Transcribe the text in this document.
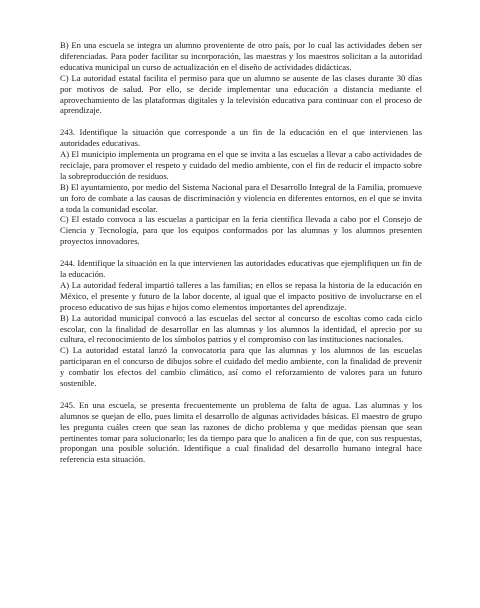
B) En una escuela se integra un alumno proveniente de otro país, por lo cual las actividades deben ser diferenciadas. Para poder facilitar su incorporación, las maestras y los maestros solicitan a la autoridad educativa municipal un curso de actualización en el diseño de actividades didácticas.

C) La autoridad estatal facilita el permiso para que un alumno se ausente de las clases durante 30 días por motivos de salud. Por ello, se decide implementar una educación a distancia mediante el aprovechamiento de las plataformas digitales y la televisión educativa para continuar con el proceso de aprendizaje.

243. Identifique la situación que corresponde a un fin de la educación en el que intervienen las autoridades educativas.

A) El municipio implementa un programa en el que se invita a las escuelas a llevar a cabo actividades de reciclaje, para promover el respeto y cuidado del medio ambiente, con el fin de reducir el impacto sobre la sobreproducción de residuos.

B) El ayuntamiento, por medio del Sistema Nacional para el Desarrollo Integral de la Familia, promueve un foro de combate a las causas de discriminación y violencia en diferentes entornos, en el que se invita a toda la comunidad escolar.

C) El estado convoca a las escuelas a participar en la feria científica llevada a cabo por el Consejo de Ciencia y Tecnología, para que los equipos conformados por las alumnas y los alumnos presenten proyectos innovadores.

244. Identifique la situación en la que intervienen las autoridades educativas que ejemplifiquen un fin de la educación.

A) La autoridad federal impartió talleres a las familias; en ellos se repasa la historia de la educación en México, el presente y futuro de la labor docente, al igual que el impacto positivo de involucrarse en el proceso educativo de sus hijas e hijos como elementos importantes del aprendizaje.

B) La autoridad municipal convocó a las escuelas del sector al concurso de escoltas como cada ciclo escolar, con la finalidad de desarrollar en las alumnas y los alumnos la identidad, el aprecio por su cultura, el reconocimiento de los símbolos patrios y el compromiso con las instituciones nacionales.

C) La autoridad estatal lanzó la convocatoria para que las alumnas y los alumnos de las escuelas participaran en el concurso de dibujos sobre el cuidado del medio ambiente, con la finalidad de prevenir y combatir los efectos del cambio climático, así como el reforzamiento de valores para un futuro sostenible.

245. En una escuela, se presenta frecuentemente un problema de falta de agua. Las alumnas y los alumnos se quejan de ello, pues limita el desarrollo de algunas actividades básicas. El maestro de grupo les pregunta cuáles creen que sean las razones de dicho problema y que medidas piensan que sean pertinentes tomar para solucionarlo; les da tiempo para que lo analicen a fin de que, con sus respuestas, propongan una posible solución. Identifique a cual finalidad del desarrollo humano integral hace referencia esta situación.
